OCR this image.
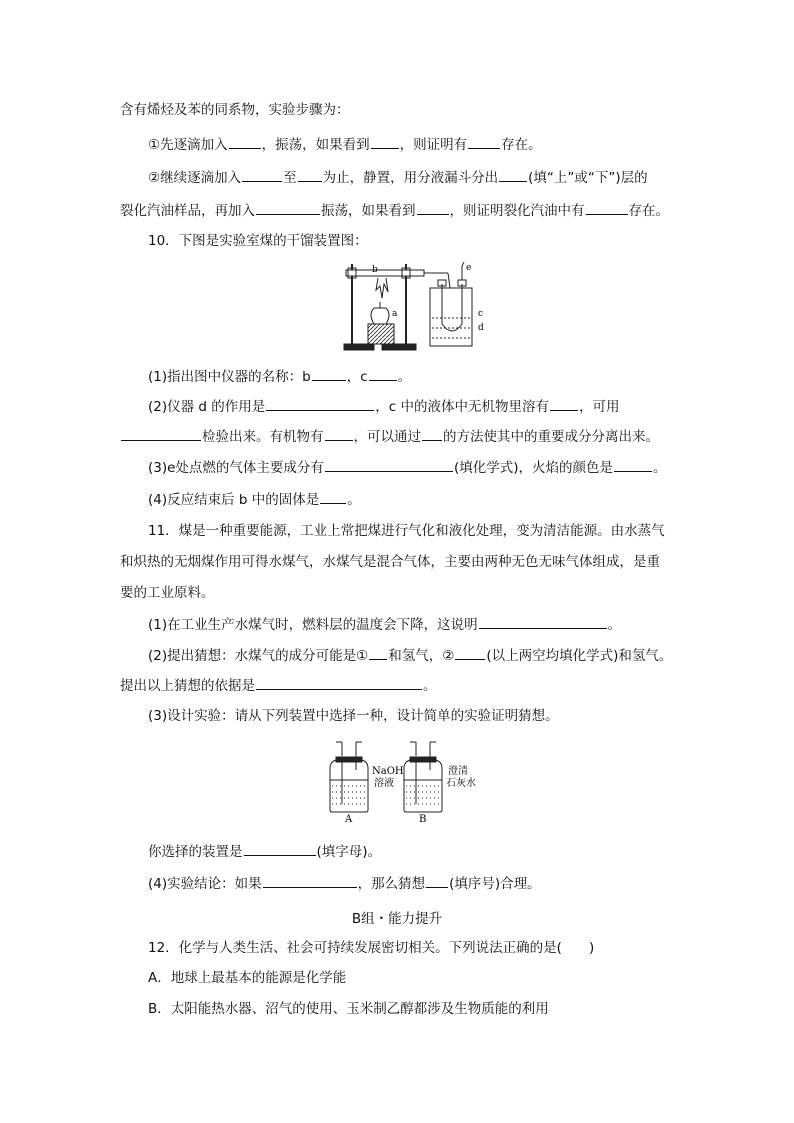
含有烯烃及苯的同系物，实验步骤为：
①先逐滴加入	，振荡，如果看到 ，则证明有	存在。
②继续逐滴加入	至 为止，静置，用分液漏斗分出 (填“上”或“下”)层的
裂化汽油样品，再加入	振荡，如果看到	，则证明裂化汽油中有	存在。
10．下图是实验室煤的干馏装置图：
b
a
e
c
d
(1)指出图中仪器的名称：b	，c 。
(2)仪器 d 的作用是	，c 中的液体中无机物里溶有 ，可用
检验出来。有机物有 ，可以通过 的方法使其中的重要成分分离出来。
(3)e处点燃的气体主要成分有	(填化学式)，火焰的颜色是	。
(4)反应结束后 b 中的固体是 。
11．煤是一种重要能源，工业上常把煤进行气化和液化处理，变为清洁能源。由水蒸气
和炽热的无烟煤作用可得水煤气，水煤气是混合气体，主要由两种无色无味气体组成，是重
要的工业原料。
(1)在工业生产水煤气时，燃料层的温度会下降，这说明	。
(2)提出猜想：水煤气的成分可能是① 和氢气，② (以上两空均填化学式)和氢气。
提出以上猜想的依据是	。
(3)设计实验：请从下列装置中选择一种，设计简单的实验证明猜想。
NaOH
溶液
澄清
石灰水
A	B
你选择的装置是	(填字母)。
(4)实验结论：如果	，那么猜想 (填序号)合理。
B组・能力提升
12．化学与人类生活、社会可持续发展密切相关。下列说法正确的是(　　)
A．地球上最基本的能源是化学能
B．太阳能热水器、沼气的使用、玉米制乙醇都涉及生物质能的利用
